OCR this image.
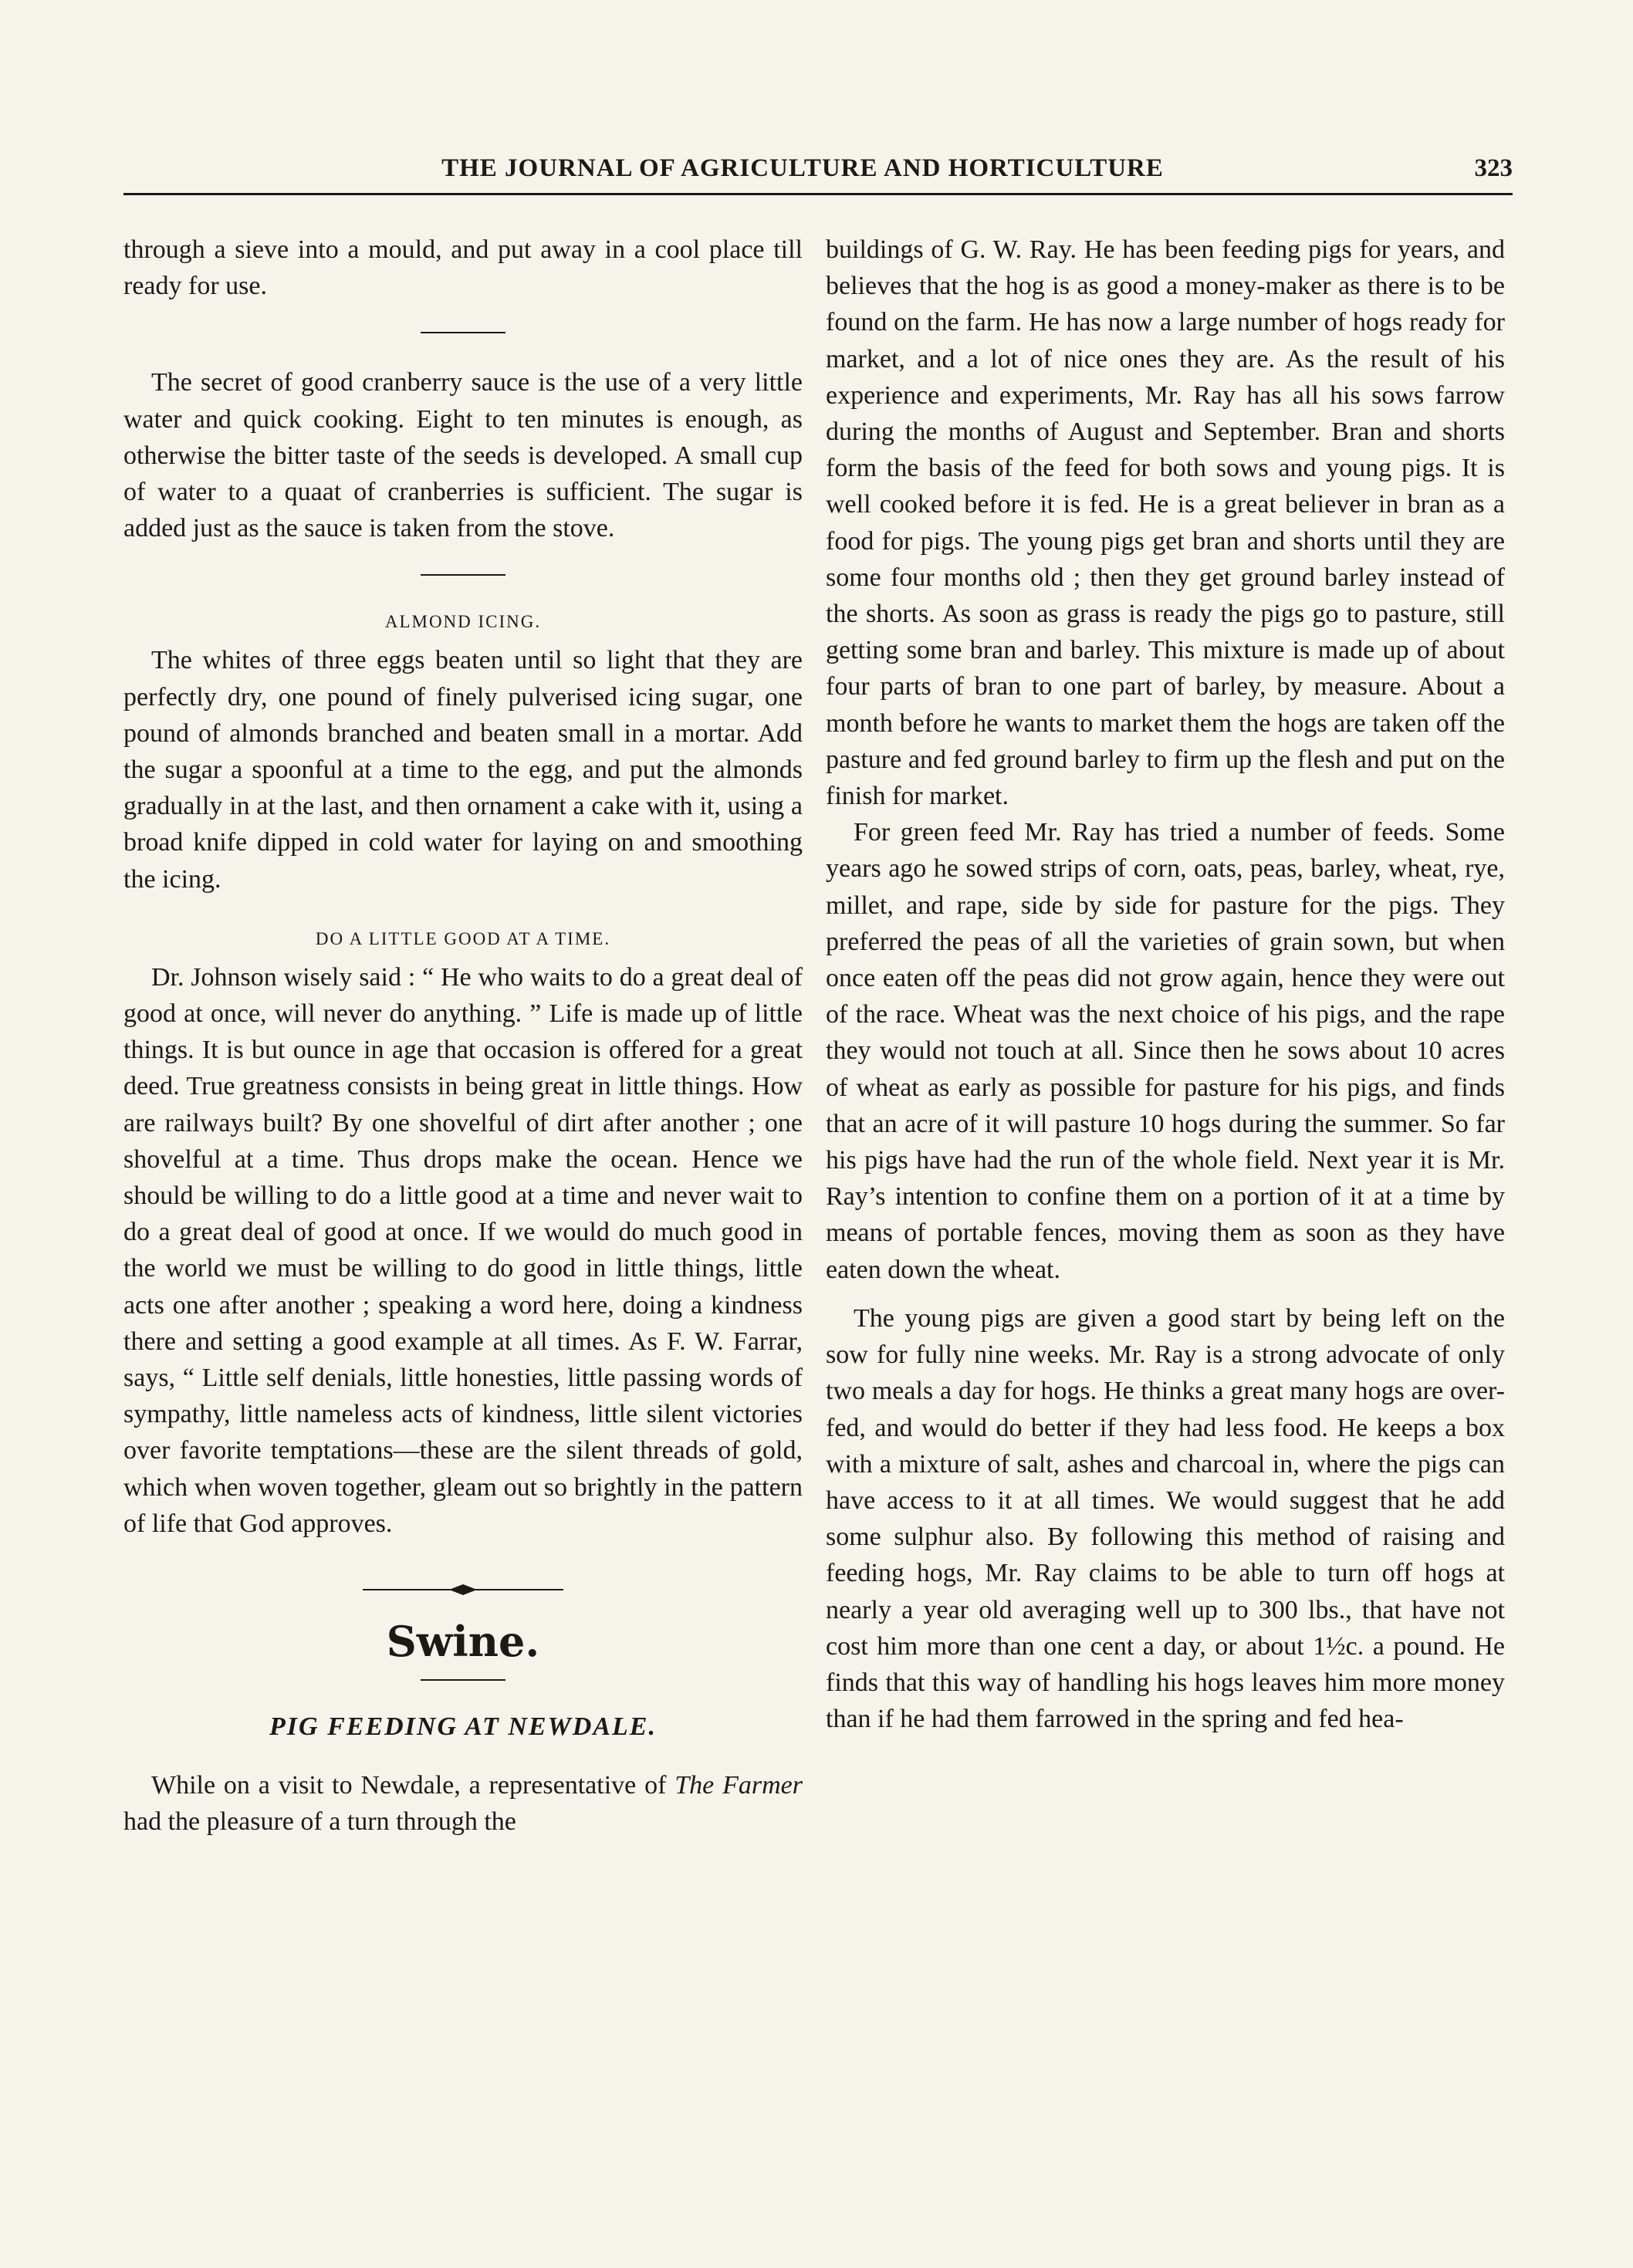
THE JOURNAL OF AGRICULTURE AND HORTICULTURE	323

through a sieve into a mould, and put away in a cool place till ready for use.

The secret of good cranberry sauce is the use of a very little water and quick cooking. Eight to ten minutes is enough, as otherwise the bitter taste of the seeds is developed. A small cup of water to a quaat of cranberries is sufficient. The sugar is added just as the sauce is taken from the stove.

ALMOND ICING.

The whites of three eggs beaten until so light that they are perfectly dry, one pound of finely pulverised icing sugar, one pound of almonds branched and beaten small in a mortar. Add the sugar a spoonful at a time to the egg, and put the almonds gradually in at the last, and then ornament a cake with it, using a broad knife dipped in cold water for laying on and smoothing the icing.

DO A LITTLE GOOD AT A TIME.

Dr. Johnson wisely said : “ He who waits to do a great deal of good at once, will never do anything. ” Life is made up of little things. It is but ounce in age that occasion is offered for a great deed. True greatness consists in being great in little things. How are railways built? By one shovelful of dirt after another ; one shovelful at a time. Thus drops make the ocean. Hence we should be willing to do a little good at a time and never wait to do a great deal of good at once. If we would do much good in the world we must be willing to do good in little things, little acts one after another ; speaking a word here, doing a kindness there and setting a good example at all times. As F. W. Farrar, says, “ Little self denials, little honesties, little passing words of sympathy, little nameless acts of kindness, little silent victories over favorite temptations—these are the silent threads of gold, which when woven together, gleam out so brightly in the pattern of life that God approves.

Swine.
PIG FEEDING AT NEWDALE.

While on a visit to Newdale, a representative of The Farmer had the pleasure of a turn through the

buildings of G. W. Ray. He has been feeding pigs for years, and believes that the hog is as good a money-maker as there is to be found on the farm. He has now a large number of hogs ready for market, and a lot of nice ones they are. As the result of his experience and experiments, Mr. Ray has all his sows farrow during the months of August and September. Bran and shorts form the basis of the feed for both sows and young pigs. It is well cooked before it is fed. He is a great believer in bran as a food for pigs. The young pigs get bran and shorts until they are some four months old ; then they get ground barley instead of the shorts. As soon as grass is ready the pigs go to pasture, still getting some bran and barley. This mixture is made up of about four parts of bran to one part of barley, by measure. About a month before he wants to market them the hogs are taken off the pasture and fed ground barley to firm up the flesh and put on the finish for market.

For green feed Mr. Ray has tried a number of feeds. Some years ago he sowed strips of corn, oats, peas, barley, wheat, rye, millet, and rape, side by side for pasture for the pigs. They preferred the peas of all the varieties of grain sown, but when once eaten off the peas did not grow again, hence they were out of the race. Wheat was the next choice of his pigs, and the rape they would not touch at all. Since then he sows about 10 acres of wheat as early as possible for pasture for his pigs, and finds that an acre of it will pasture 10 hogs during the summer. So far his pigs have had the run of the whole field. Next year it is Mr. Ray’s intention to confine them on a portion of it at a time by means of portable fences, moving them as soon as they have eaten down the wheat.

The young pigs are given a good start by being left on the sow for fully nine weeks. Mr. Ray is a strong advocate of only two meals a day for hogs. He thinks a great many hogs are over-fed, and would do better if they had less food. He keeps a box with a mixture of salt, ashes and charcoal in, where the pigs can have access to it at all times. We would suggest that he add some sulphur also. By following this method of raising and feeding hogs, Mr. Ray claims to be able to turn off hogs at nearly a year old averaging well up to 300 lbs., that have not cost him more than one cent a day, or about 1½c. a pound. He finds that this way of handling his hogs leaves him more money than if he had them farrowed in the spring and fed hea-
